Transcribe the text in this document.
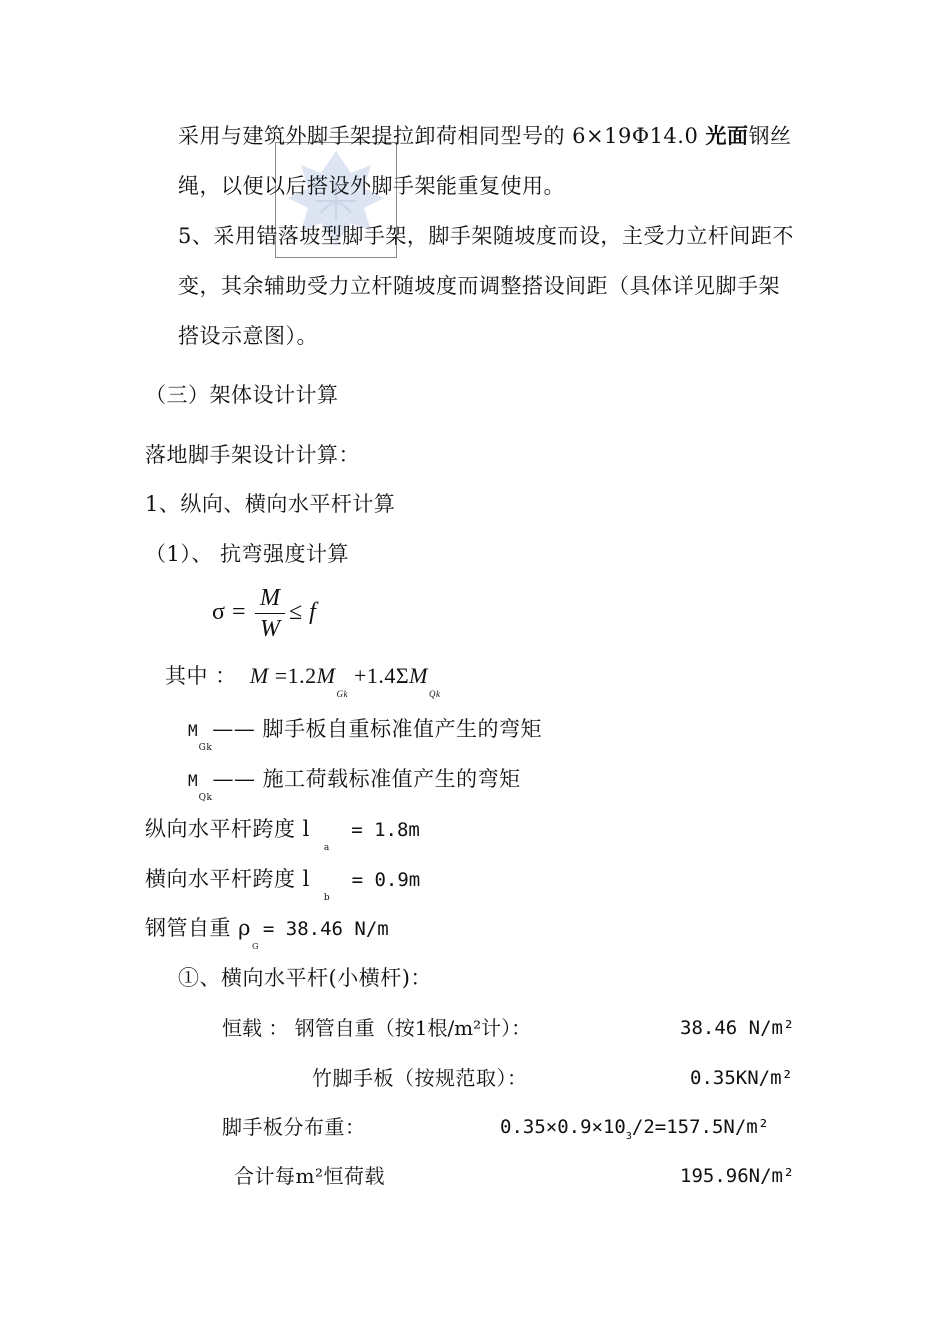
采用与建筑外脚手架提拉卸荷相同型号的 6×19Φ14.0 光面钢丝
绳，以便以后搭设外脚手架能重复使用。
5、采用错落坡型脚手架，脚手架随坡度而设，主受力立杆间距不
变，其余辅助受力立杆随坡度而调整搭设间距（具体详见脚手架
搭设示意图）。
（三）架体设计计算
落地脚手架设计计算：
1、纵向、横向水平杆计算
（1）、 抗弯强度计算
σ =
M
W
≤ f
其中 ： $M =1.2M_{Gk} +1.4\Sigma M_{Qk}$
$M_{Gk}——$ 脚手板自重标准值产生的弯矩
$M_{Qk}——$ 施工荷载标准值产生的弯矩
纵向水平杆跨度 $l_a = 1.8m$
横向水平杆跨度 $l_b = 0.9m$
钢管自重 $\rho_G= 38.46$ N/m
①、横向水平杆(小横杆)：
恒载 ： 钢管自重（按1根/m²计）：	38.46 N/m²
竹脚手板（按规范取）：	0.35KN/m²
脚手板分布重：	$0.35\times 0.9\times 10_3/2=157.5N/m^2$
合计每m²恒荷载	195.96N/m²
